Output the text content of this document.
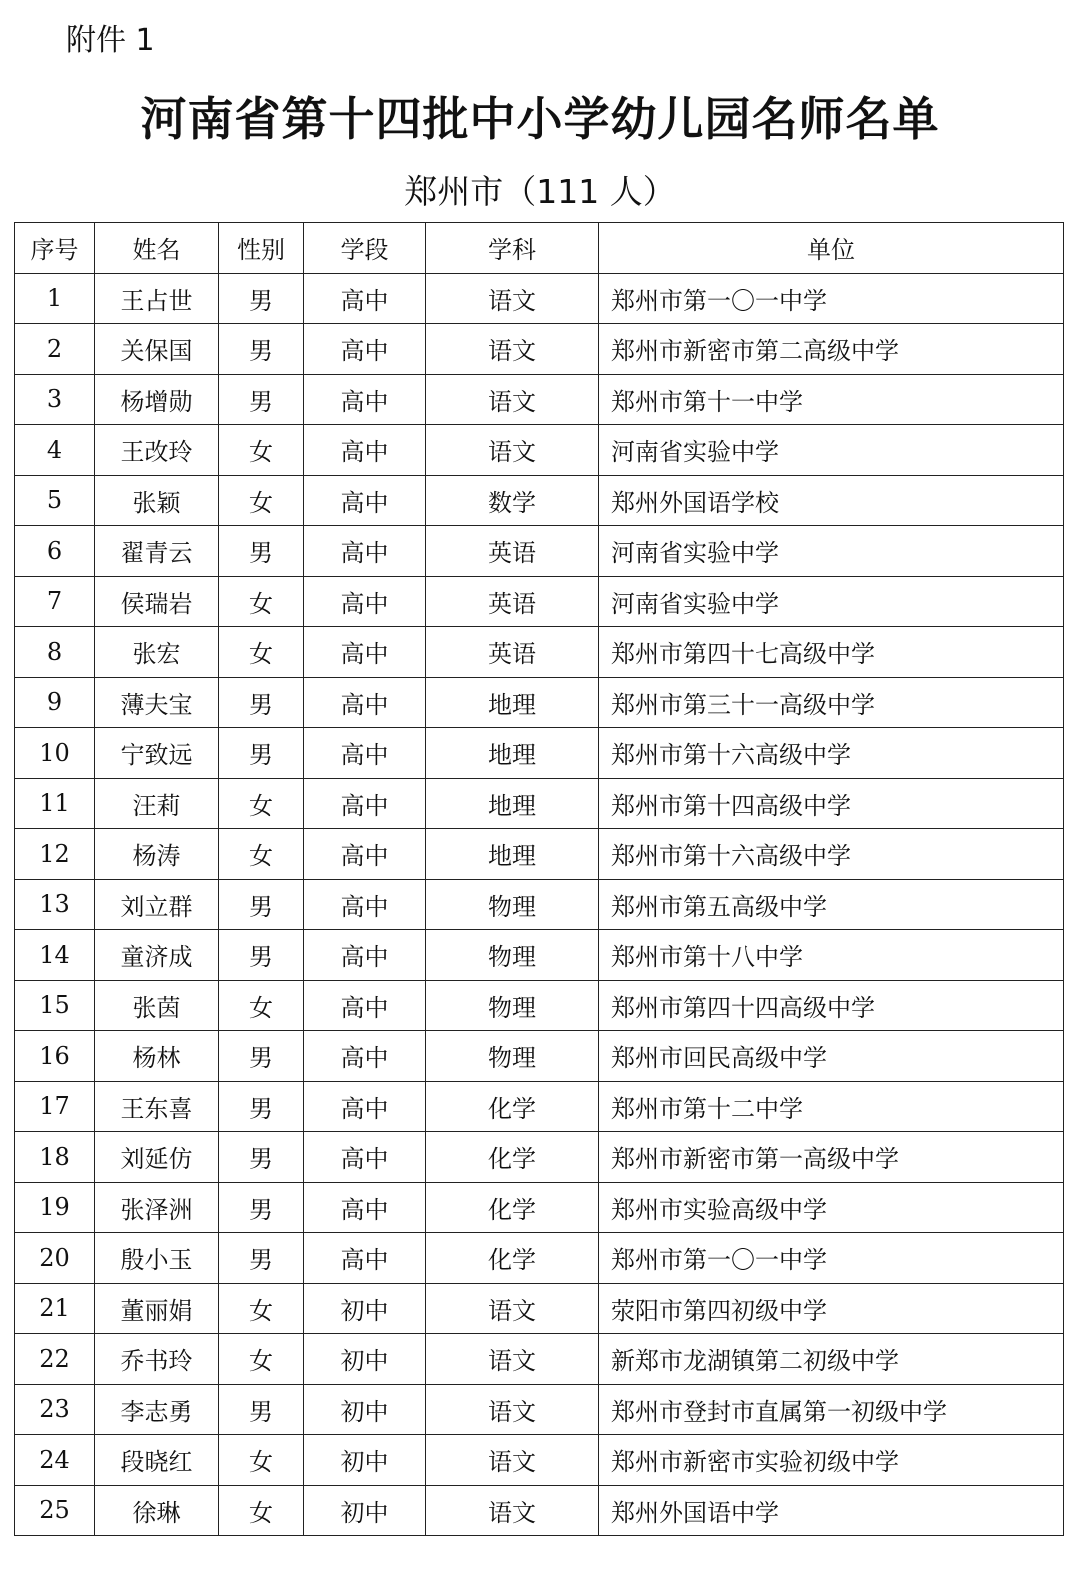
附件 1
河南省第十四批中小学幼儿园名师名单
郑州市（111 人）
序号	姓名	性别	学段	学科	单位
1	王占世	男	高中	语文	郑州市第一〇一中学
2	关保国	男	高中	语文	郑州市新密市第二高级中学
3	杨增勋	男	高中	语文	郑州市第十一中学
4	王改玲	女	高中	语文	河南省实验中学
5	张颖	女	高中	数学	郑州外国语学校
6	翟青云	男	高中	英语	河南省实验中学
7	侯瑞岩	女	高中	英语	河南省实验中学
8	张宏	女	高中	英语	郑州市第四十七高级中学
9	薄夫宝	男	高中	地理	郑州市第三十一高级中学
10	宁致远	男	高中	地理	郑州市第十六高级中学
11	汪莉	女	高中	地理	郑州市第十四高级中学
12	杨涛	女	高中	地理	郑州市第十六高级中学
13	刘立群	男	高中	物理	郑州市第五高级中学
14	童济成	男	高中	物理	郑州市第十八中学
15	张茵	女	高中	物理	郑州市第四十四高级中学
16	杨林	男	高中	物理	郑州市回民高级中学
17	王东喜	男	高中	化学	郑州市第十二中学
18	刘延仿	男	高中	化学	郑州市新密市第一高级中学
19	张泽洲	男	高中	化学	郑州市实验高级中学
20	殷小玉	男	高中	化学	郑州市第一〇一中学
21	董丽娟	女	初中	语文	荥阳市第四初级中学
22	乔书玲	女	初中	语文	新郑市龙湖镇第二初级中学
23	李志勇	男	初中	语文	郑州市登封市直属第一初级中学
24	段晓红	女	初中	语文	郑州市新密市实验初级中学
25	徐琳	女	初中	语文	郑州外国语中学
